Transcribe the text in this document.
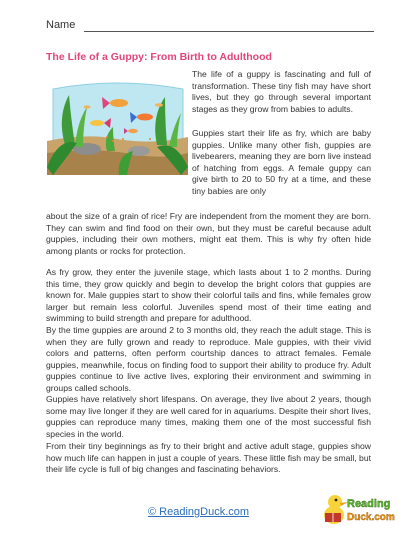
Name
The Life of a Guppy: From Birth to Adulthood

The life of a guppy is fascinating and full of transformation. These tiny fish may have short lives, but they go through several important stages as they grow from babies to adults.

Guppies start their life as fry, which are baby guppies. Unlike many other fish, guppies are livebearers, meaning they are born live instead of hatching from eggs. A female guppy can give birth to 20 to 50 fry at a time, and these tiny babies are only

about the size of a grain of rice! Fry are independent from the moment they are born. They can swim and find food on their own, but they must be careful because adult guppies, including their own mothers, might eat them. This is why fry often hide among plants or rocks for protection.

As fry grow, they enter the juvenile stage, which lasts about 1 to 2 months. During this time, they grow quickly and begin to develop the bright colors that guppies are known for. Male guppies start to show their colorful tails and fins, while females grow larger but remain less colorful. Juveniles spend most of their time eating and swimming to build strength and prepare for adulthood.

By the time guppies are around 2 to 3 months old, they reach the adult stage. This is when they are fully grown and ready to reproduce. Male guppies, with their vivid colors and patterns, often perform courtship dances to attract females. Female guppies, meanwhile, focus on finding food to support their ability to produce fry. Adult guppies continue to live active lives, exploring their environment and swimming in groups called schools.

Guppies have relatively short lifespans. On average, they live about 2 years, though some may live longer if they are well cared for in aquariums. Despite their short lives, guppies can reproduce many times, making them one of the most successful fish species in the world.

From their tiny beginnings as fry to their bright and active adult stage, guppies show how much life can happen in just a couple of years. These little fish may be small, but their life cycle is full of big changes and fascinating behaviors.

© ReadingDuck.com
Reading
Duck.com
